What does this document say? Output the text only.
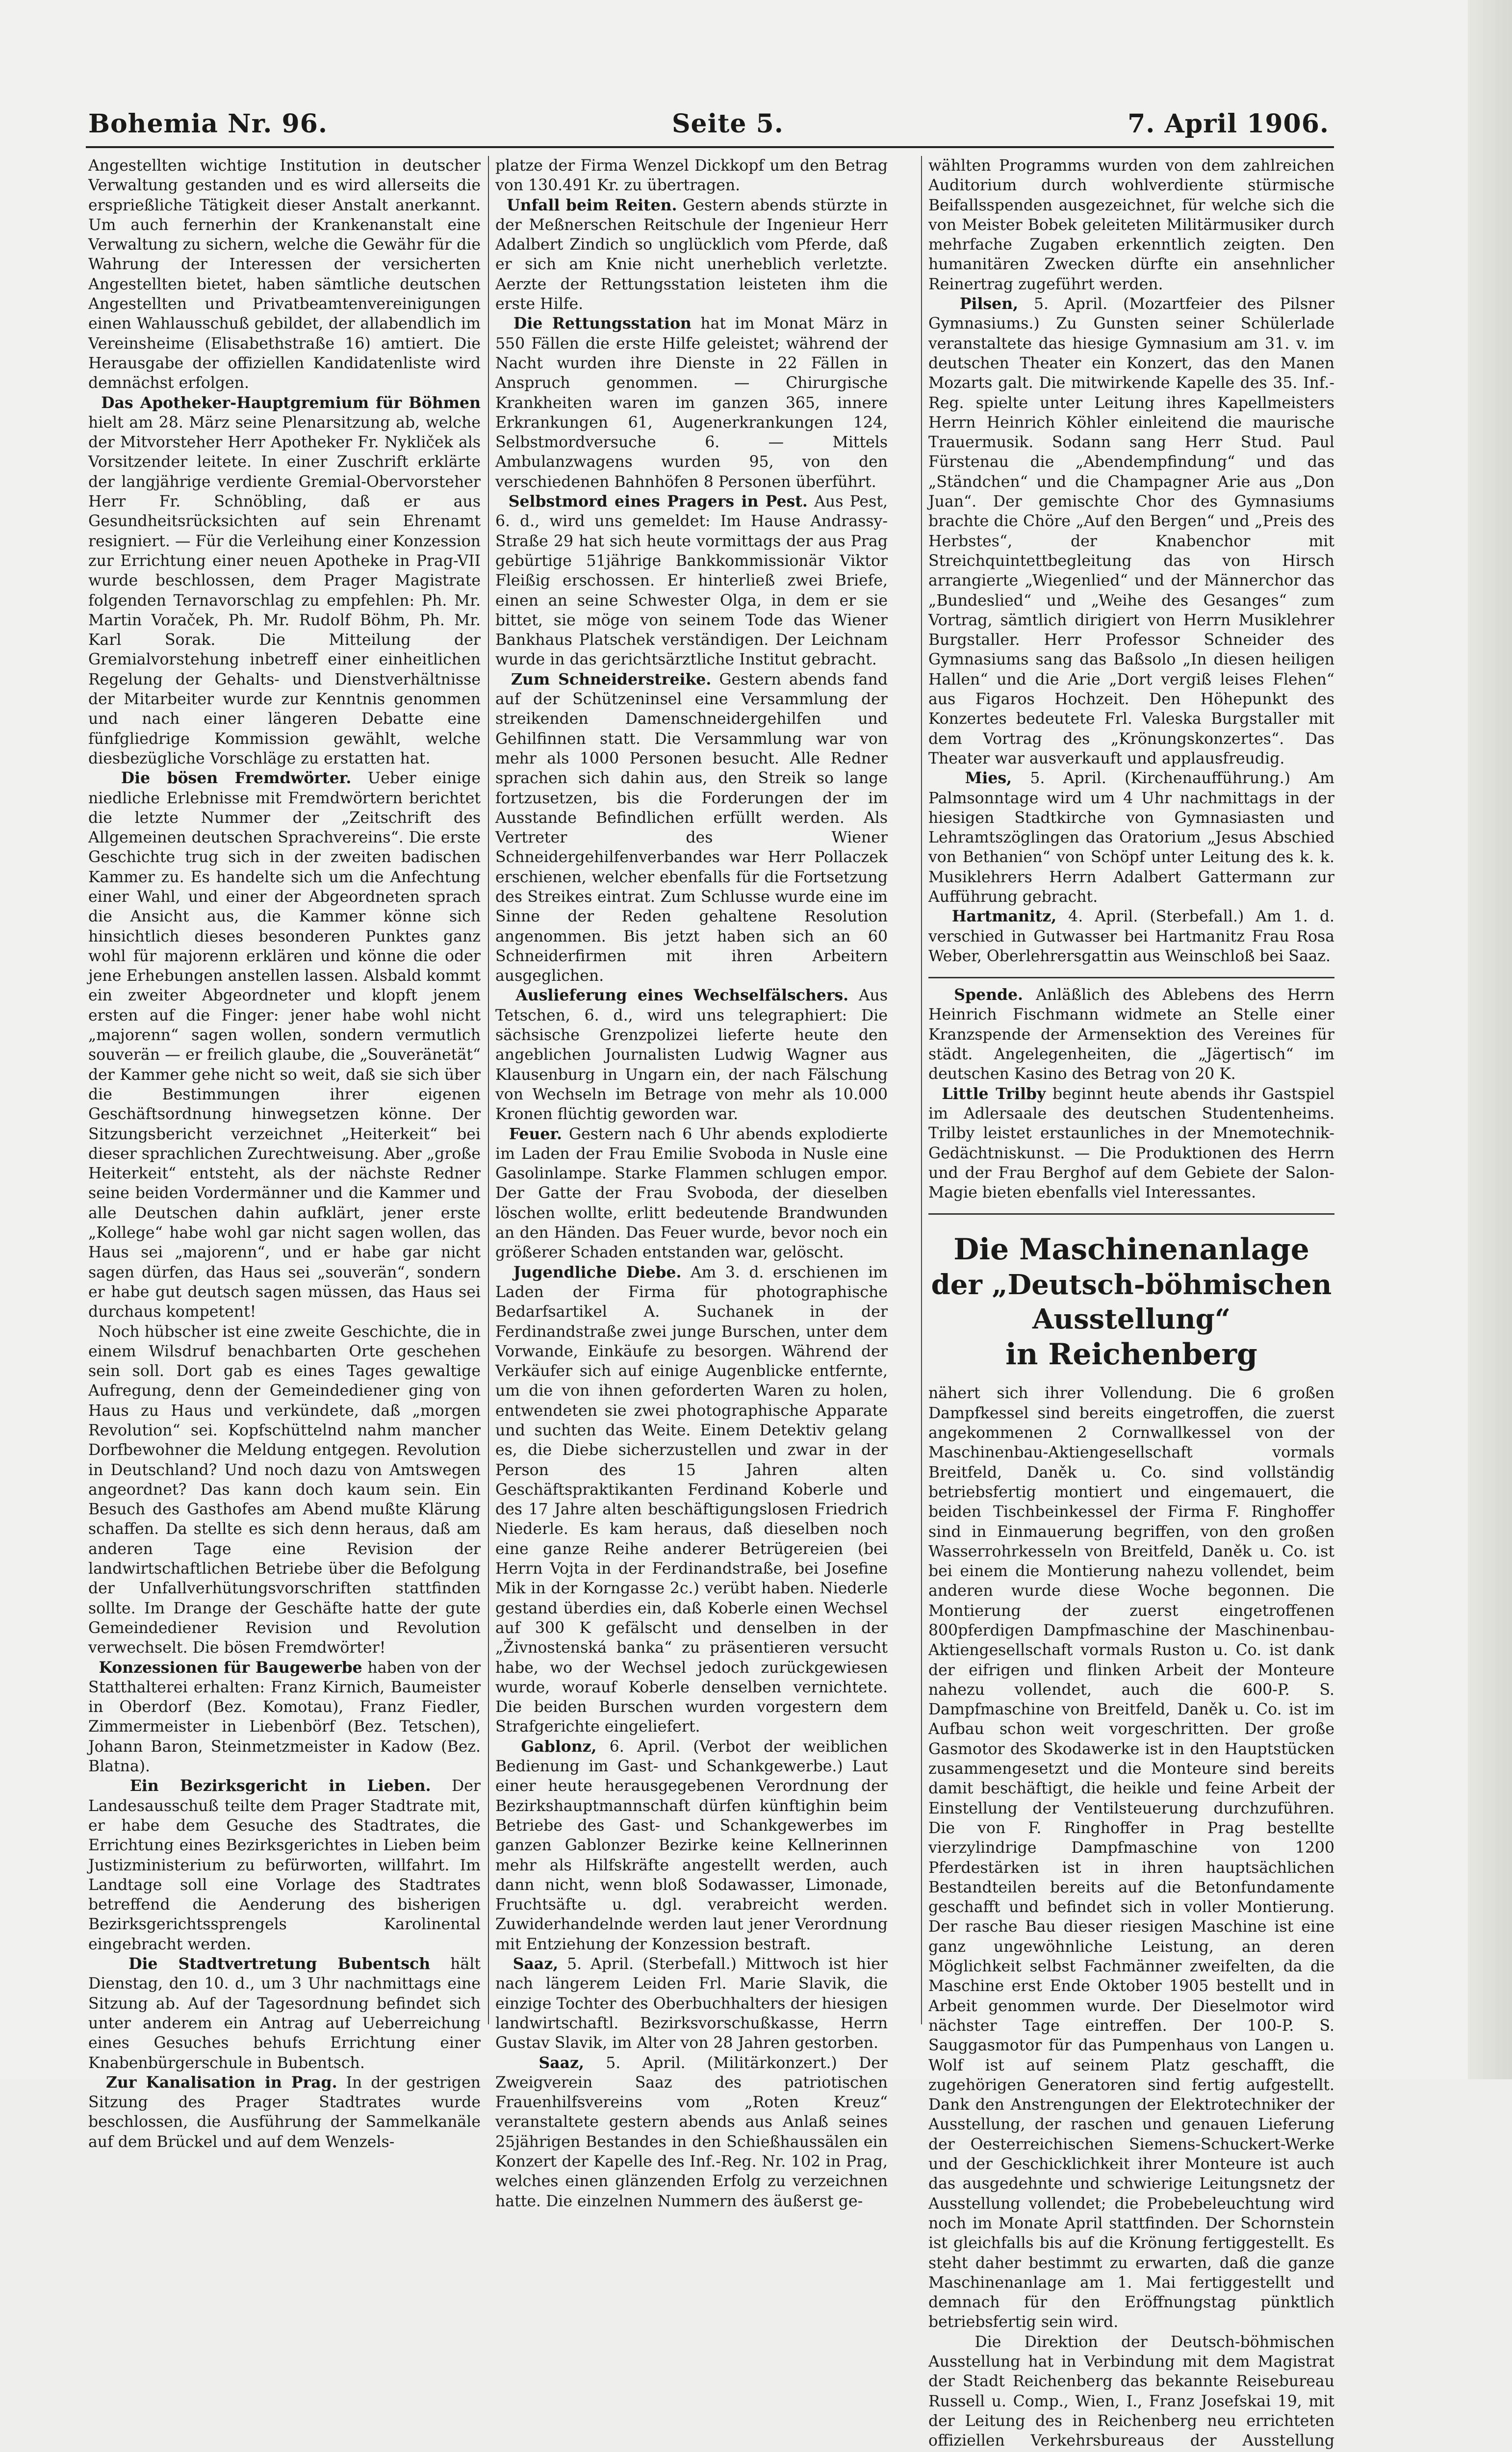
Bohemia Nr. 96.	Seite 5.	7. April 1906.

Angestellten wichtige Institution in deutscher Verwaltung gestanden und es wird allerseits die ersprießliche Tätigkeit dieser Anstalt anerkannt. Um auch fernerhin der Krankenanstalt eine Verwaltung zu sichern, welche die Gewähr für die Wahrung der Interessen der versicherten Angestellten bietet, haben sämtliche deutschen Angestellten und Privatbeamtenvereinigungen einen Wahlausschuß gebildet, der allabendlich im Vereinsheime (Elisabethstraße 16) amtiert. Die Herausgabe der offiziellen Kandidatenliste wird demnächst erfolgen.

Das Apotheker-Hauptgremium für Böhmen hielt am 28. März seine Plenarsitzung ab, welche der Mitvorsteher Herr Apotheker Fr. Nykliček als Vorsitzender leitete. In einer Zuschrift erklärte der langjährige verdiente Gremial-Obervorsteher Herr Fr. Schnöbling, daß er aus Gesundheitsrücksichten auf sein Ehrenamt resigniert. — Für die Verleihung einer Konzession zur Errichtung einer neuen Apotheke in Prag-VII wurde beschlossen, dem Prager Magistrate folgenden Ternavorschlag zu empfehlen: Ph. Mr. Martin Voraček, Ph. Mr. Rudolf Böhm, Ph. Mr. Karl Sorak. Die Mitteilung der Gremialvorstehung inbetreff einer einheitlichen Regelung der Gehalts- und Dienstverhältnisse der Mitarbeiter wurde zur Kenntnis genommen und nach einer längeren Debatte eine fünfgliedrige Kommission gewählt, welche diesbezügliche Vorschläge zu erstatten hat.

Die bösen Fremdwörter. Ueber einige niedliche Erlebnisse mit Fremdwörtern berichtet die letzte Nummer der „Zeitschrift des Allgemeinen deutschen Sprachvereins“. Die erste Geschichte trug sich in der zweiten badischen Kammer zu. Es handelte sich um die Anfechtung einer Wahl, und einer der Abgeordneten sprach die Ansicht aus, die Kammer könne sich hinsichtlich dieses besonderen Punktes ganz wohl für majorenn erklären und könne die oder jene Erhebungen anstellen lassen. Alsbald kommt ein zweiter Abgeordneter und klopft jenem ersten auf die Finger: jener habe wohl nicht „majorenn“ sagen wollen, sondern vermutlich souverän — er freilich glaube, die „Souveränetät“ der Kammer gehe nicht so weit, daß sie sich über die Bestimmungen ihrer eigenen Geschäftsordnung hinwegsetzen könne. Der Sitzungsbericht verzeichnet „Heiterkeit“ bei dieser sprachlichen Zurechtweisung. Aber „große Heiterkeit“ entsteht, als der nächste Redner seine beiden Vordermänner und die Kammer und alle Deutschen dahin aufklärt, jener erste „Kollege“ habe wohl gar nicht sagen wollen, das Haus sei „majorenn“, und er habe gar nicht sagen dürfen, das Haus sei „souverän“, sondern er habe gut deutsch sagen müssen, das Haus sei durchaus kompetent!

Noch hübscher ist eine zweite Geschichte, die in einem Wilsdruf benachbarten Orte geschehen sein soll. Dort gab es eines Tages gewaltige Aufregung, denn der Gemeindediener ging von Haus zu Haus und verkündete, daß „morgen Revolution“ sei. Kopfschüttelnd nahm mancher Dorfbewohner die Meldung entgegen. Revolution in Deutschland? Und noch dazu von Amtswegen angeordnet? Das kann doch kaum sein. Ein Besuch des Gasthofes am Abend mußte Klärung schaffen. Da stellte es sich denn heraus, daß am anderen Tage eine Revision der landwirtschaftlichen Betriebe über die Befolgung der Unfallverhütungsvorschriften stattfinden sollte. Im Drange der Geschäfte hatte der gute Gemeindediener Revision und Revolution verwechselt. Die bösen Fremdwörter!

Konzessionen für Baugewerbe haben von der Statthalterei erhalten: Franz Kirnich, Baumeister in Oberdorf (Bez. Komotau), Franz Fiedler, Zimmermeister in Liebenbörf (Bez. Tetschen), Johann Baron, Steinmetzmeister in Kadow (Bez. Blatna).

Ein Bezirksgericht in Lieben. Der Landesausschuß teilte dem Prager Stadtrate mit, er habe dem Gesuche des Stadtrates, die Errichtung eines Bezirksgerichtes in Lieben beim Justizministerium zu befürworten, willfahrt. Im Landtage soll eine Vorlage des Stadtrates betreffend die Aenderung des bisherigen Bezirksgerichtssprengels Karolinental eingebracht werden.

Die Stadtvertretung Bubentsch hält Dienstag, den 10. d., um 3 Uhr nachmittags eine Sitzung ab. Auf der Tagesordnung befindet sich unter anderem ein Antrag auf Ueberreichung eines Gesuches behufs Errichtung einer Knabenbürgerschule in Bubentsch.

Zur Kanalisation in Prag. In der gestrigen Sitzung des Prager Stadtrates wurde beschlossen, die Ausführung der Sammelkanäle auf dem Brückel und auf dem Wenzels-

platze der Firma Wenzel Dickkopf um den Betrag von 130.491 Kr. zu übertragen.

Unfall beim Reiten. Gestern abends stürzte in der Meßnerschen Reitschule der Ingenieur Herr Adalbert Zindich so unglücklich vom Pferde, daß er sich am Knie nicht unerheblich verletzte. Aerzte der Rettungsstation leisteten ihm die erste Hilfe.

Die Rettungsstation hat im Monat März in 550 Fällen die erste Hilfe geleistet; während der Nacht wurden ihre Dienste in 22 Fällen in Anspruch genommen. — Chirurgische Krankheiten waren im ganzen 365, innere Erkrankungen 61, Augenerkrankungen 124, Selbstmordversuche 6. — Mittels Ambulanzwagens wurden 95, von den verschiedenen Bahnhöfen 8 Personen überführt.

Selbstmord eines Pragers in Pest. Aus Pest, 6. d., wird uns gemeldet: Im Hause Andrassy-Straße 29 hat sich heute vormittags der aus Prag gebürtige 51jährige Bankkommissionär Viktor Fleißig erschossen. Er hinterließ zwei Briefe, einen an seine Schwester Olga, in dem er sie bittet, sie möge von seinem Tode das Wiener Bankhaus Platschek verständigen. Der Leichnam wurde in das gerichtsärztliche Institut gebracht.

Zum Schneiderstreike. Gestern abends fand auf der Schützeninsel eine Versammlung der streikenden Damenschneidergehilfen und Gehilfinnen statt. Die Versammlung war von mehr als 1000 Personen besucht. Alle Redner sprachen sich dahin aus, den Streik so lange fortzusetzen, bis die Forderungen der im Ausstande Befindlichen erfüllt werden. Als Vertreter des Wiener Schneidergehilfenverbandes war Herr Pollaczek erschienen, welcher ebenfalls für die Fortsetzung des Streikes eintrat. Zum Schlusse wurde eine im Sinne der Reden gehaltene Resolution angenommen. Bis jetzt haben sich an 60 Schneiderfirmen mit ihren Arbeitern ausgeglichen.

Auslieferung eines Wechselfälschers. Aus Tetschen, 6. d., wird uns telegraphiert: Die sächsische Grenzpolizei lieferte heute den angeblichen Journalisten Ludwig Wagner aus Klausenburg in Ungarn ein, der nach Fälschung von Wechseln im Betrage von mehr als 10.000 Kronen flüchtig geworden war.

Feuer. Gestern nach 6 Uhr abends explodierte im Laden der Frau Emilie Svoboda in Nusle eine Gasolinlampe. Starke Flammen schlugen empor. Der Gatte der Frau Svoboda, der dieselben löschen wollte, erlitt bedeutende Brandwunden an den Händen. Das Feuer wurde, bevor noch ein größerer Schaden entstanden war, gelöscht.

Jugendliche Diebe. Am 3. d. erschienen im Laden der Firma für photographische Bedarfsartikel A. Suchanek in der Ferdinandstraße zwei junge Burschen, unter dem Vorwande, Einkäufe zu besorgen. Während der Verkäufer sich auf einige Augenblicke entfernte, um die von ihnen geforderten Waren zu holen, entwendeten sie zwei photographische Apparate und suchten das Weite. Einem Detektiv gelang es, die Diebe sicherzustellen und zwar in der Person des 15 Jahren alten Geschäftspraktikanten Ferdinand Koberle und des 17 Jahre alten beschäftigungslosen Friedrich Niederle. Es kam heraus, daß dieselben noch eine ganze Reihe anderer Betrügereien (bei Herrn Vojta in der Ferdinandstraße, bei Josefine Mik in der Korngasse 2c.) verübt haben. Niederle gestand überdies ein, daß Koberle einen Wechsel auf 300 K gefälscht und denselben in der „Živnostenská banka“ zu präsentieren versucht habe, wo der Wechsel jedoch zurückgewiesen wurde, worauf Koberle denselben vernichtete. Die beiden Burschen wurden vorgestern dem Strafgerichte eingeliefert.

Gablonz, 6. April. (Verbot der weiblichen Bedienung im Gast- und Schankgewerbe.) Laut einer heute herausgegebenen Verordnung der Bezirkshauptmannschaft dürfen künftighin beim Betriebe des Gast- und Schankgewerbes im ganzen Gablonzer Bezirke keine Kellnerinnen mehr als Hilfskräfte angestellt werden, auch dann nicht, wenn bloß Sodawasser, Limonade, Fruchtsäfte u. dgl. verabreicht werden. Zuwiderhandelnde werden laut jener Verordnung mit Entziehung der Konzession bestraft.

Saaz, 5. April. (Sterbefall.) Mittwoch ist hier nach längerem Leiden Frl. Marie Slavik, die einzige Tochter des Oberbuchhalters der hiesigen landwirtschaftl. Bezirksvorschußkasse, Herrn Gustav Slavik, im Alter von 28 Jahren gestorben.

Saaz, 5. April. (Militärkonzert.) Der Zweigverein Saaz des patriotischen Frauenhilfsvereins vom „Roten Kreuz“ veranstaltete gestern abends aus Anlaß seines 25jährigen Bestandes in den Schießhaussälen ein Konzert der Kapelle des Inf.-Reg. Nr. 102 in Prag, welches einen glänzenden Erfolg zu verzeichnen hatte. Die einzelnen Nummern des äußerst ge-

wählten Programms wurden von dem zahlreichen Auditorium durch wohlverdiente stürmische Beifallsspenden ausgezeichnet, für welche sich die von Meister Bobek geleiteten Militärmusiker durch mehrfache Zugaben erkenntlich zeigten. Den humanitären Zwecken dürfte ein ansehnlicher Reinertrag zugeführt werden.

Pilsen, 5. April. (Mozartfeier des Pilsner Gymnasiums.) Zu Gunsten seiner Schülerlade veranstaltete das hiesige Gymnasium am 31. v. im deutschen Theater ein Konzert, das den Manen Mozarts galt. Die mitwirkende Kapelle des 35. Inf.-Reg. spielte unter Leitung ihres Kapellmeisters Herrn Heinrich Köhler einleitend die maurische Trauermusik. Sodann sang Herr Stud. Paul Fürstenau die „Abendempfindung“ und das „Ständchen“ und die Champagner Arie aus „Don Juan“. Der gemischte Chor des Gymnasiums brachte die Chöre „Auf den Bergen“ und „Preis des Herbstes“, der Knabenchor mit Streichquintettbegleitung das von Hirsch arrangierte „Wiegenlied“ und der Männerchor das „Bundeslied“ und „Weihe des Gesanges“ zum Vortrag, sämtlich dirigiert von Herrn Musiklehrer Burgstaller. Herr Professor Schneider des Gymnasiums sang das Baßsolo „In diesen heiligen Hallen“ und die Arie „Dort vergiß leises Flehen“ aus Figaros Hochzeit. Den Höhepunkt des Konzertes bedeutete Frl. Valeska Burgstaller mit dem Vortrag des „Krönungskonzertes“. Das Theater war ausverkauft und applausfreudig.

Mies, 5. April. (Kirchenaufführung.) Am Palmsonntage wird um 4 Uhr nachmittags in der hiesigen Stadtkirche von Gymnasiasten und Lehramtszöglingen das Oratorium „Jesus Abschied von Bethanien“ von Schöpf unter Leitung des k. k. Musiklehrers Herrn Adalbert Gattermann zur Aufführung gebracht.

Hartmanitz, 4. April. (Sterbefall.) Am 1. d. verschied in Gutwasser bei Hartmanitz Frau Rosa Weber, Oberlehrersgattin aus Weinschloß bei Saaz.

Spende. Anläßlich des Ablebens des Herrn Heinrich Fischmann widmete an Stelle einer Kranzspende der Armensektion des Vereines für städt. Angelegenheiten, die „Jägertisch“ im deutschen Kasino des Betrag von 20 K.

Little Trilby beginnt heute abends ihr Gastspiel im Adlersaale des deutschen Studentenheims. Trilby leistet erstaunliches in der Mnemotechnik-Gedächtniskunst. — Die Produktionen des Herrn und der Frau Berghof auf dem Gebiete der Salon-Magie bieten ebenfalls viel Interessantes.

Die Maschinenanlage
der „Deutsch-böhmischen Ausstellung“
in Reichenberg

nähert sich ihrer Vollendung. Die 6 großen Dampfkessel sind bereits eingetroffen, die zuerst angekommenen 2 Cornwallkessel von der Maschinenbau-Aktiengesellschaft vormals Breitfeld, Daněk u. Co. sind vollständig betriebsfertig montiert und eingemauert, die beiden Tischbeinkessel der Firma F. Ringhoffer sind in Einmauerung begriffen, von den großen Wasserrohrkesseln von Breitfeld, Daněk u. Co. ist bei einem die Montierung nahezu vollendet, beim anderen wurde diese Woche begonnen. Die Montierung der zuerst eingetroffenen 800pferdigen Dampfmaschine der Maschinenbau-Aktiengesellschaft vormals Ruston u. Co. ist dank der eifrigen und flinken Arbeit der Monteure nahezu vollendet, auch die 600-P. S. Dampfmaschine von Breitfeld, Daněk u. Co. ist im Aufbau schon weit vorgeschritten. Der große Gasmotor des Skodawerke ist in den Hauptstücken zusammengesetzt und die Monteure sind bereits damit beschäftigt, die heikle und feine Arbeit der Einstellung der Ventilsteuerung durchzuführen. Die von F. Ringhoffer in Prag bestellte vierzylindrige Dampfmaschine von 1200 Pferdestärken ist in ihren hauptsächlichen Bestandteilen bereits auf die Betonfundamente geschafft und befindet sich in voller Montierung. Der rasche Bau dieser riesigen Maschine ist eine ganz ungewöhnliche Leistung, an deren Möglichkeit selbst Fachmänner zweifelten, da die Maschine erst Ende Oktober 1905 bestellt und in Arbeit genommen wurde. Der Dieselmotor wird nächster Tage eintreffen. Der 100-P. S. Sauggasmotor für das Pumpenhaus von Langen u. Wolf ist auf seinem Platz geschafft, die zugehörigen Generatoren sind fertig aufgestellt. Dank den Anstrengungen der Elektrotechniker der Ausstellung, der raschen und genauen Lieferung der Oesterreichischen Siemens-Schuckert-Werke und der Geschicklichkeit ihrer Monteure ist auch das ausgedehnte und schwierige Leitungsnetz der Ausstellung vollendet; die Probebeleuchtung wird noch im Monate April stattfinden. Der Schornstein ist gleichfalls bis auf die Krönung fertiggestellt. Es steht daher bestimmt zu erwarten, daß die ganze Maschinenanlage am 1. Mai fertiggestellt und demnach für den Eröffnungstag pünktlich betriebsfertig sein wird.

Die Direktion der Deutsch-böhmischen Ausstellung hat in Verbindung mit dem Magistrat der Stadt Reichenberg das bekannte Reisebureau Russell u. Comp., Wien, I., Franz Josefskai 19, mit der Leitung des in Reichenberg neu errichteten offiziellen Verkehrsbureaus der Ausstellung
